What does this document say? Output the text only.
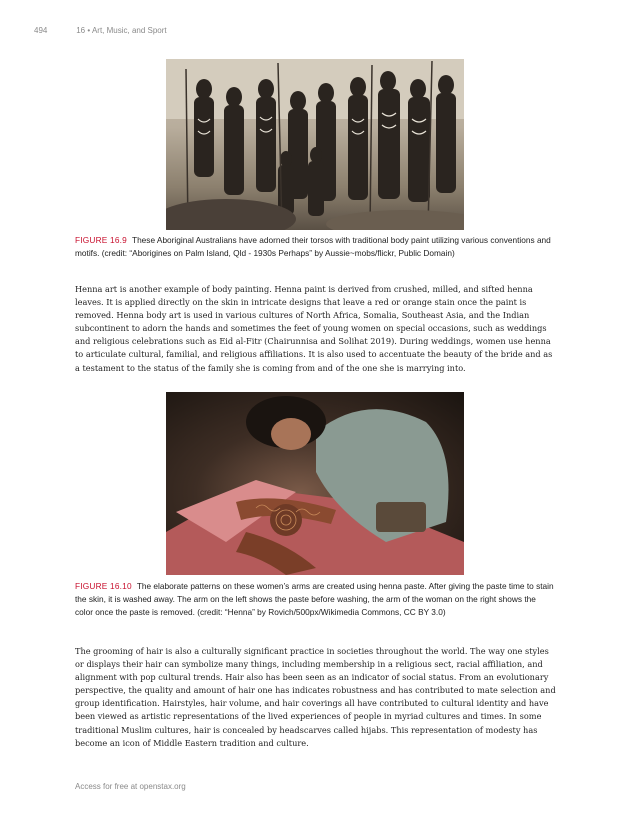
494	16 • Art, Music, and Sport
FIGURE 16.9 These Aboriginal Australians have adorned their torsos with traditional body paint utilizing various conventions and motifs. (credit: “Aborigines on Palm Island, Qld - 1930s Perhaps” by Aussie~mobs/flickr, Public Domain)

Henna art is another example of body painting. Henna paint is derived from crushed, milled, and sifted henna leaves. It is applied directly on the skin in intricate designs that leave a red or orange stain once the paint is removed. Henna body art is used in various cultures of North Africa, Somalia, Southeast Asia, and the Indian subcontinent to adorn the hands and sometimes the feet of young women on special occasions, such as weddings and religious celebrations such as Eid al-Fitr (Chairunnisa and Solihat 2019). During weddings, women use henna to articulate cultural, familial, and religious affiliations. It is also used to accentuate the beauty of the bride and as a testament to the status of the family she is coming from and of the one she is marrying into.

FIGURE 16.10 The elaborate patterns on these women’s arms are created using henna paste. After giving the paste time to stain the skin, it is washed away. The arm on the left shows the paste before washing, the arm of the woman on the right shows the color once the paste is removed. (credit: “Henna” by Rovich/500px/Wikimedia Commons, CC BY 3.0)

The grooming of hair is also a culturally significant practice in societies throughout the world. The way one styles or displays their hair can symbolize many things, including membership in a religious sect, racial affiliation, and alignment with pop cultural trends. Hair also has been seen as an indicator of social status. From an evolutionary perspective, the quality and amount of hair one has indicates robustness and has contributed to mate selection and group identification. Hairstyles, hair volume, and hair coverings all have contributed to cultural identity and have been viewed as artistic representations of the lived experiences of people in myriad cultures and times. In some traditional Muslim cultures, hair is concealed by headscarves called hijabs. This representation of modesty has become an icon of Middle Eastern tradition and culture.

Access for free at openstax.org
